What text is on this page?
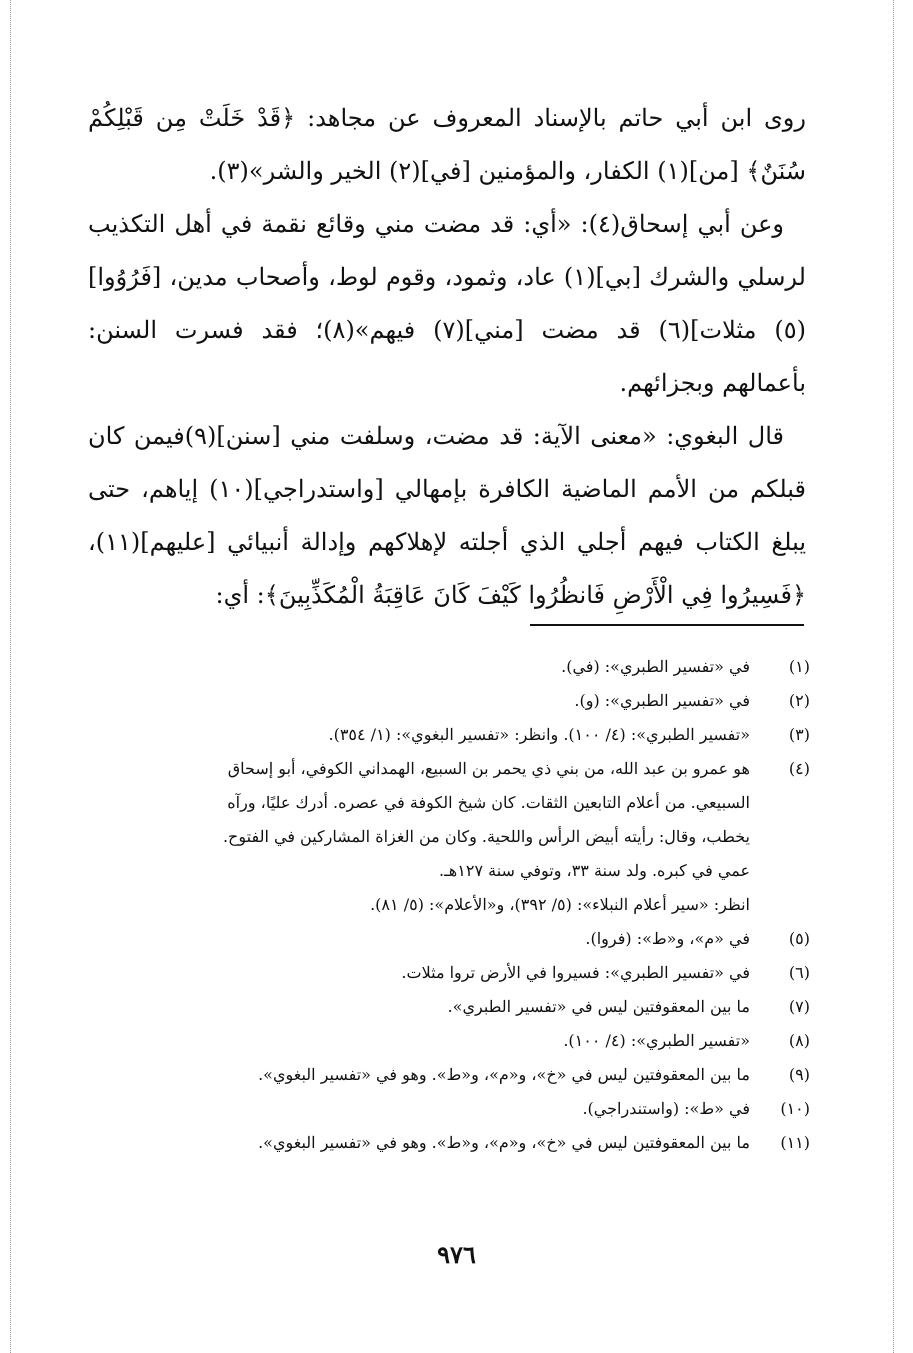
روى ابن أبي حاتم بالإسناد المعروف عن مجاهد: ﴿قَدْ خَلَتْ مِن قَبْلِكُمْ سُنَنٌ﴾ [من](١) الكفار، والمؤمنين [في](٢) الخير والشر»(٣).

وعن أبي إسحاق(٤): «أي: قد مضت مني وقائع نقمة في أهل التكذيب لرسلي والشرك [بي](١) عاد، وثمود، وقوم لوط، وأصحاب مدين، [فَرُوُوا](٥) مثلات](٦) قد مضت [مني](٧) فيهم»(٨)؛ فقد فسرت السنن: بأعمالهم وبجزائهم.

قال البغوي: «معنى الآية: قد مضت، وسلفت مني [سنن](٩)فيمن كان قبلكم من الأمم الماضية الكافرة بإمهالي [واستدراجي](١٠) إياهم، حتى يبلغ الكتاب فيهم أجلي الذي أجلته لإهلاكهم وإدالة أنبيائي [عليهم](١١)، ﴿فَسِيرُوا فِي الْأَرْضِ فَانظُرُوا كَيْفَ كَانَ عَاقِبَةُ الْمُكَذِّبِينَ﴾: أي:

(١)
في «تفسير الطبري»: (في).
(٢)
في «تفسير الطبري»: (و).
(٣)
«تفسير الطبري»: (٤/ ١٠٠). وانظر: «تفسير البغوي»: (١/ ٣٥٤).
(٤)
هو عمرو بن عبد الله، من بني ذي يحمر بن السبيع، الهمداني الكوفي، أبو إسحاق
السبيعي. من أعلام التابعين الثقات. كان شيخ الكوفة في عصره. أدرك عليًا، ورآه
يخطب، وقال: رأيته أبيض الرأس واللحية. وكان من الغزاة المشاركين في الفتوح.
عمي في كبره. ولد سنة ٣٣، وتوفي سنة ١٢٧هـ.
انظر: «سير أعلام النبلاء»: (٥/ ٣٩٢)، و«الأعلام»: (٥/ ٨١).
(٥)
في «م»، و«ط»: (فروا).
(٦)
في «تفسير الطبري»: فسيروا في الأرض تروا مثلات.
(٧)
ما بين المعقوفتين ليس في «تفسير الطبري».
(٨)
«تفسير الطبري»: (٤/ ١٠٠).
(٩)
ما بين المعقوفتين ليس في «خ»، و«م»، و«ط». وهو في «تفسير البغوي».
(١٠)
في «ط»: (واستندراجي).
(١١)
ما بين المعقوفتين ليس في «خ»، و«م»، و«ط». وهو في «تفسير البغوي».
٩٧٦
